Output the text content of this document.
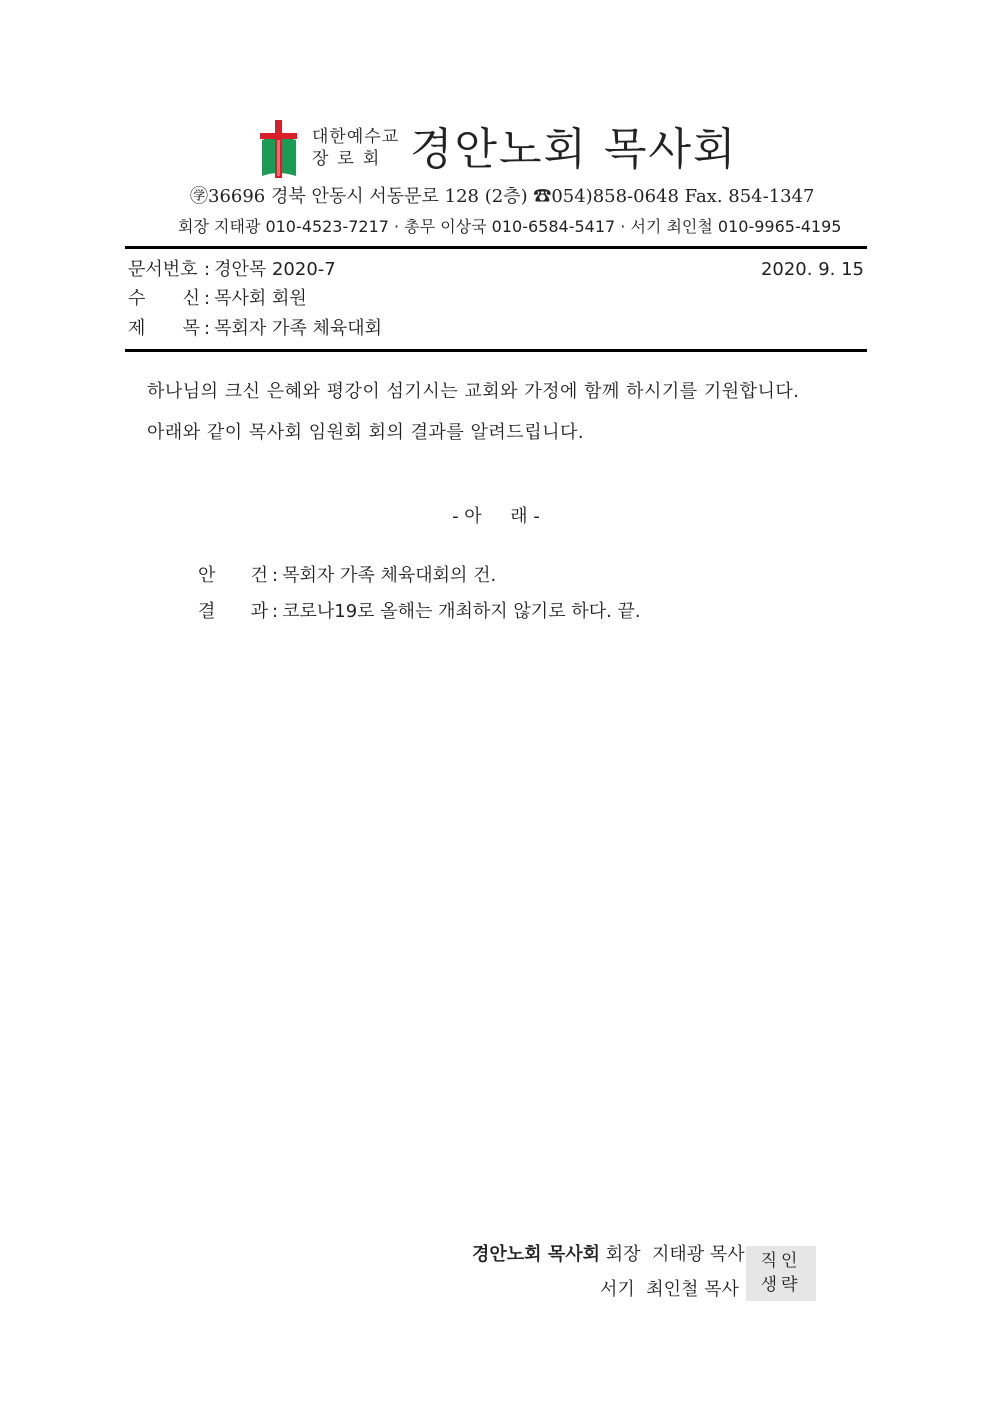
대한예수교
장로회 경안노회 목사회
㊫36696 경북 안동시 서동문로 128 (2층) ☎054)858-0648 Fax. 854-1347
회장 지태광 010-4523-7217 · 총무 이상국 010-6584-5417 · 서기 최인철 010-9965-4195
문서번호 : 경안목 2020-7	2020. 9. 15
수 신 : 목사회 회원
제 목 : 목회자 가족 체육대회
하나님의 크신 은혜와 평강이 섬기시는 교회와 가정에 함께 하시기를 기원합니다.
아래와 같이 목사회 임원회 회의 결과를 알려드립니다.
- 아     래 -
안 건 : 목회자 가족 체육대회의 건.
결 과 : 코로나19로 올해는 개최하지 않기로 하다. 끝.
경안노회 목사회 회장  지태광 목사
서기  최인철 목사
직인
생략
